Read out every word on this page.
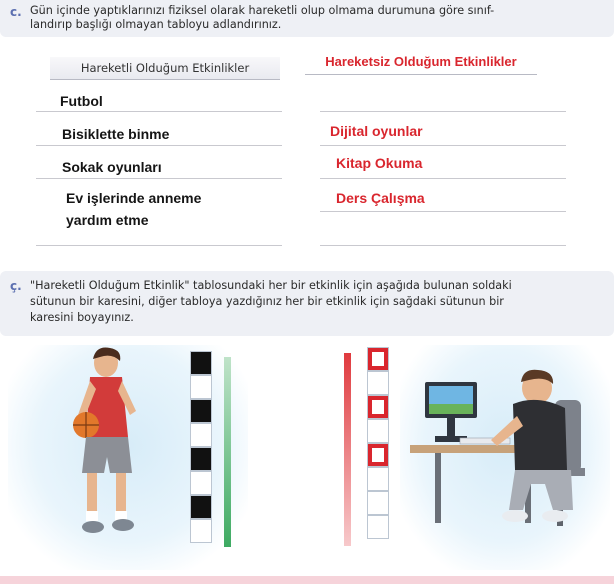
c. Gün içinde yaptıklarınızı fiziksel olarak hareketli olup olmama durumuna göre sınıf-
landırıp başlığı olmayan tabloyu adlandırınız.
Hareketli Olduğum Etkinlikler	Hareketsiz Olduğum Etkinlikler
Futbol
Bisiklette binme
Sokak oyunları
Ev işlerinde anneme
yardım etme
Dijital oyunlar
Kitap Okuma
Ders Çalışma
ç. "Hareketli Olduğum Etkinlik" tablosundaki her bir etkinlik için aşağıda bulunan soldaki
sütunun bir karesini, diğer tabloya yazdığınız her bir etkinlik için sağdaki sütunun bir
karesini boyayınız.
